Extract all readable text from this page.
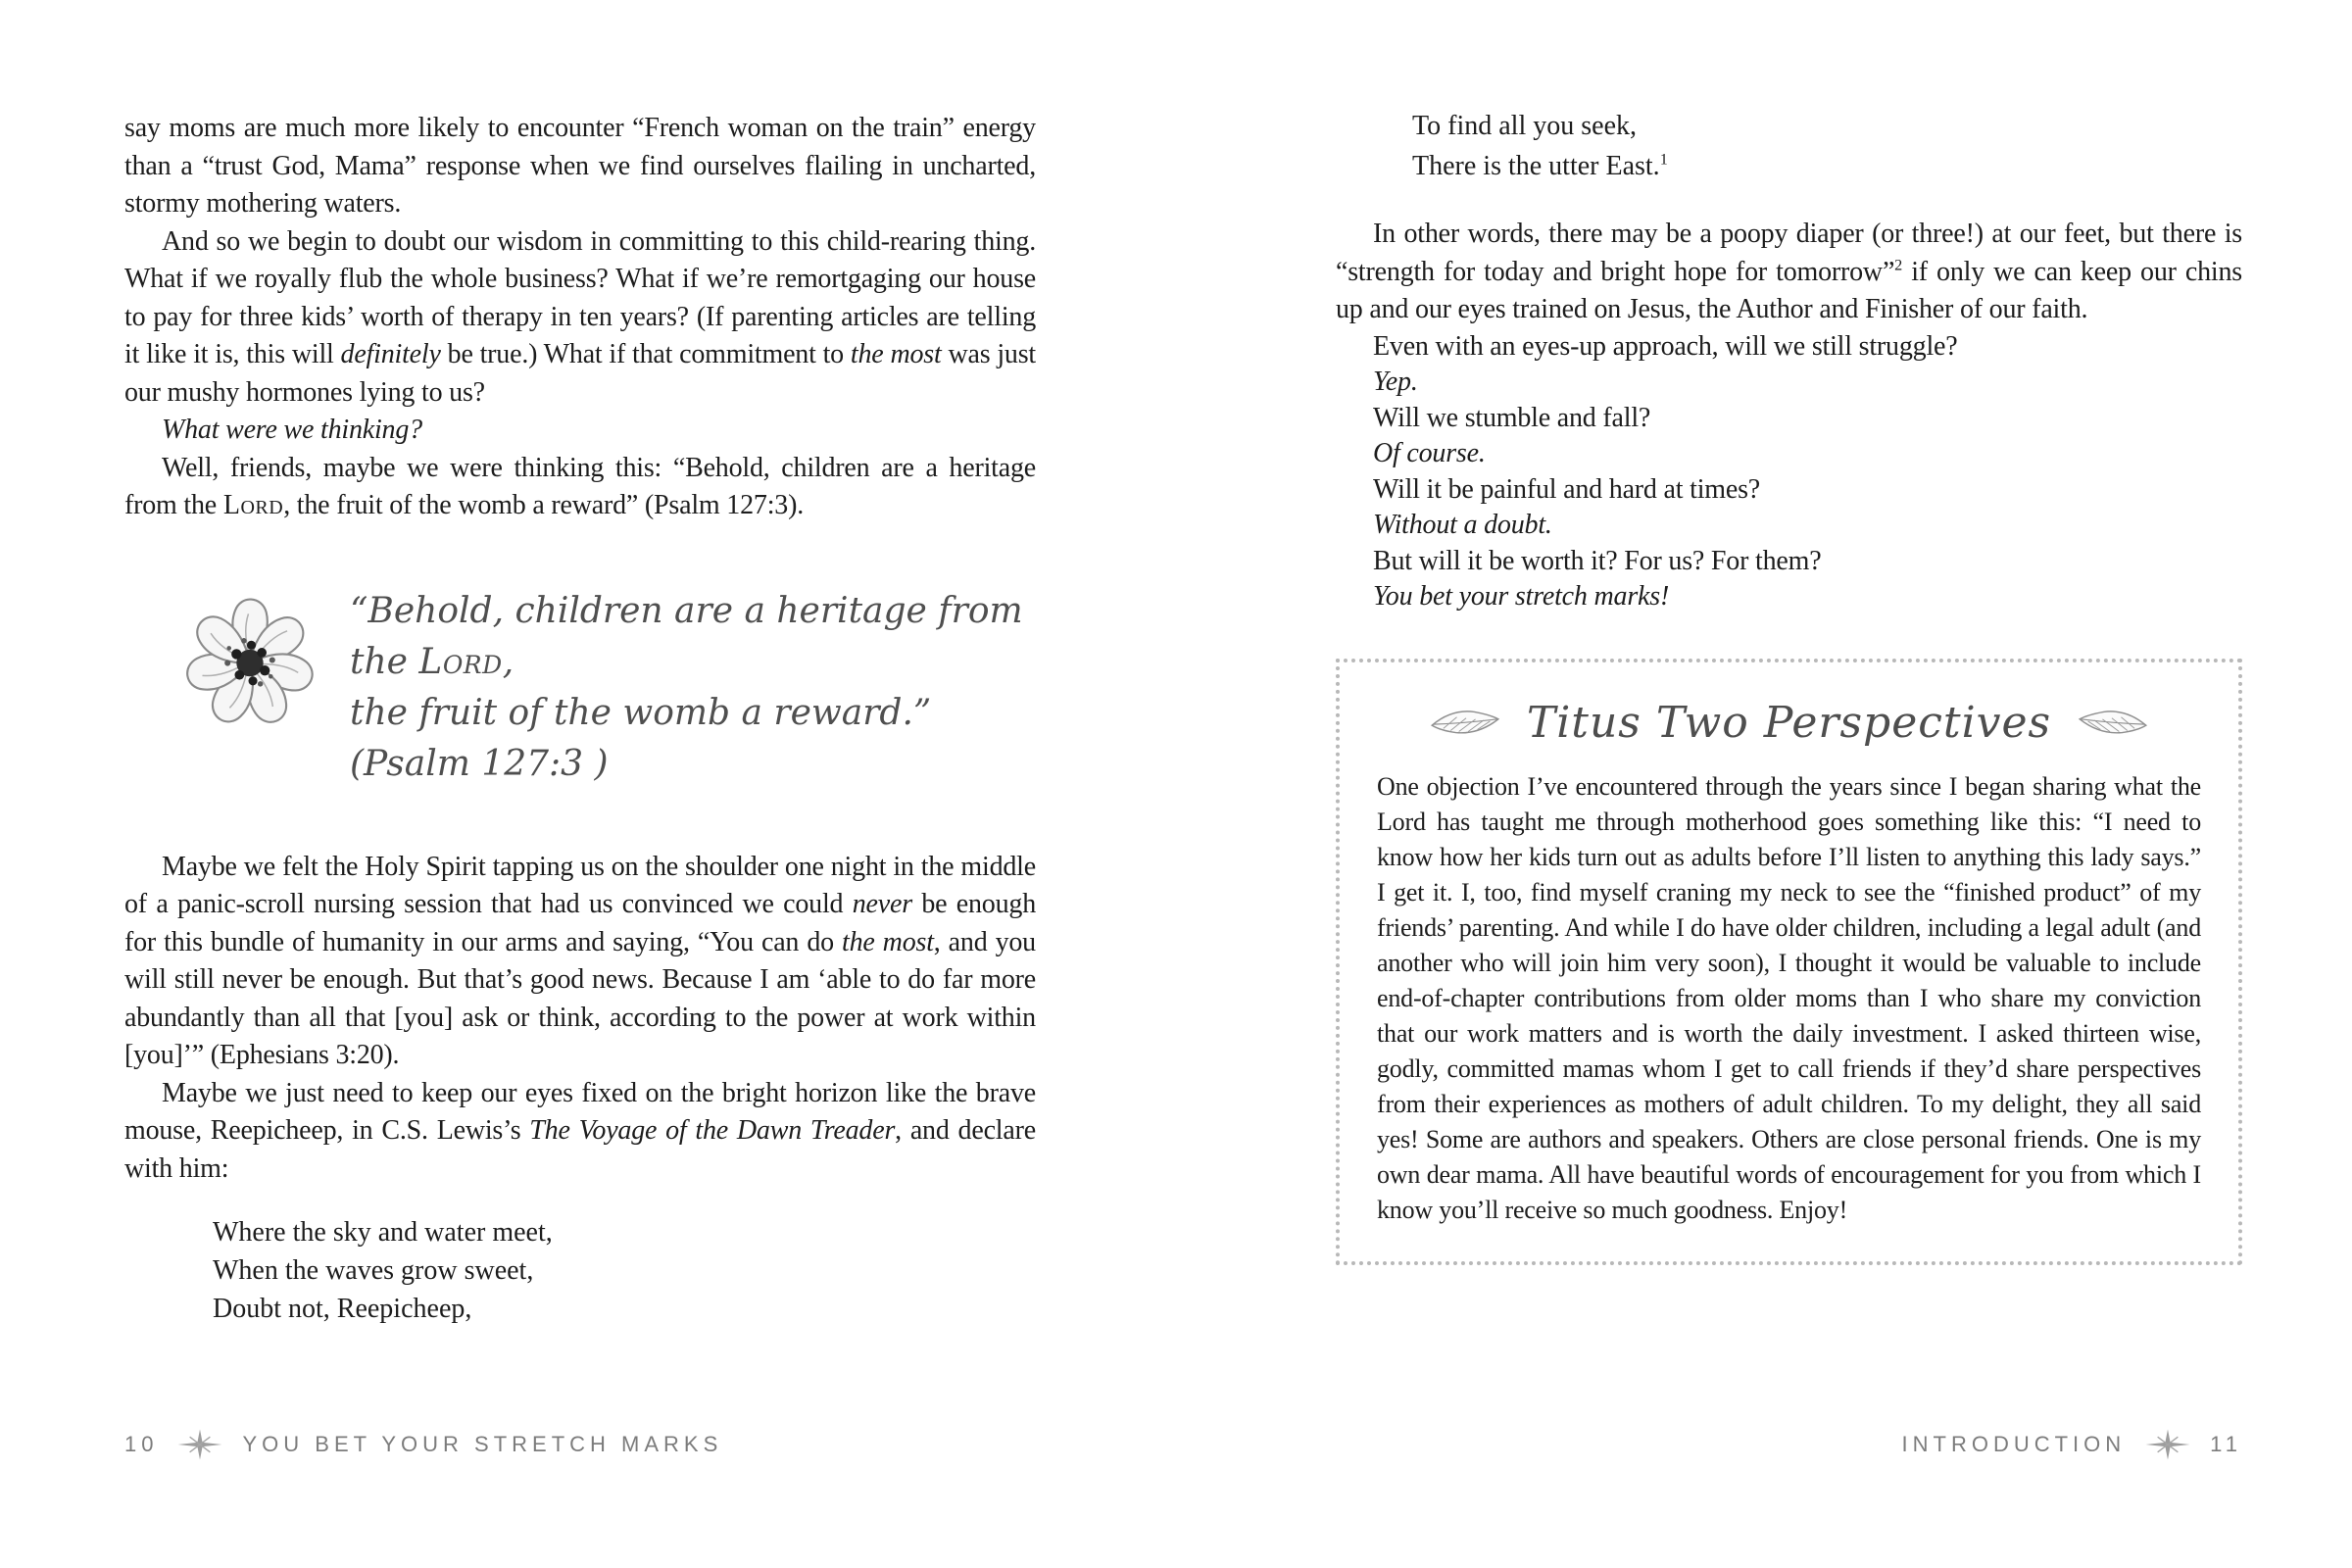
say moms are much more likely to encounter “French woman on the train” energy than a “trust God, Mama” response when we find ourselves flailing in uncharted, stormy mothering waters.

And so we begin to doubt our wisdom in committing to this child-rearing thing. What if we royally flub the whole business? What if we’re remortgaging our house to pay for three kids’ worth of therapy in ten years? (If parenting articles are telling it like it is, this will definitely be true.) What if that commitment to the most was just our mushy hormones lying to us?

What were we thinking?

Well, friends, maybe we were thinking this: “Behold, children are a heritage from the Lord, the fruit of the womb a reward” (Psalm 127:3).

“Behold, children are a heritage from the Lord,
the fruit of the womb a reward.”
(Psalm 127:3 )

Maybe we felt the Holy Spirit tapping us on the shoulder one night in the middle of a panic-scroll nursing session that had us convinced we could never be enough for this bundle of humanity in our arms and saying, “You can do the most, and you will still never be enough. But that’s good news. Because I am ‘able to do far more abundantly than all that [you] ask or think, according to the power at work within [you]’” (Ephesians 3:20).

Maybe we just need to keep our eyes fixed on the bright horizon like the brave mouse, Reepicheep, in C.S. Lewis’s The Voyage of the Dawn Treader, and declare with him:

Where the sky and water meet,
When the waves grow sweet,
Doubt not, Reepicheep,
To find all you seek,
There is the utter East.$^1$

In other words, there may be a poopy diaper (or three!) at our feet, but there is “strength for today and bright hope for tomorrow”$^2$ if only we can keep our chins up and our eyes trained on Jesus, the Author and Finisher of our faith.

Even with an eyes-up approach, will we still struggle?

Yep.

Will we stumble and fall?

Of course.

Will it be painful and hard at times?

Without a doubt.

But will it be worth it? For us? For them?

You bet your stretch marks!

Titus Two Perspectives

One objection I’ve encountered through the years since I began sharing what the Lord has taught me through motherhood goes something like this: “I need to know how her kids turn out as adults before I’ll listen to anything this lady says.” I get it. I, too, find myself craning my neck to see the “finished product” of my friends’ parenting. And while I do have older children, including a legal adult (and another who will join him very soon), I thought it would be valuable to include end-of-chapter contributions from older moms than I who share my conviction that our work matters and is worth the daily investment. I asked thirteen wise, godly, committed mamas whom I get to call friends if they’d share perspectives from their experiences as mothers of adult children. To my delight, they all said yes! Some are authors and speakers. Others are close personal friends. One is my own dear mama. All have beautiful words of encouragement for you from which I know you’ll receive so much goodness. Enjoy!

10	YOU BET YOUR STRETCH MARKS	INTRODUCTION	11
